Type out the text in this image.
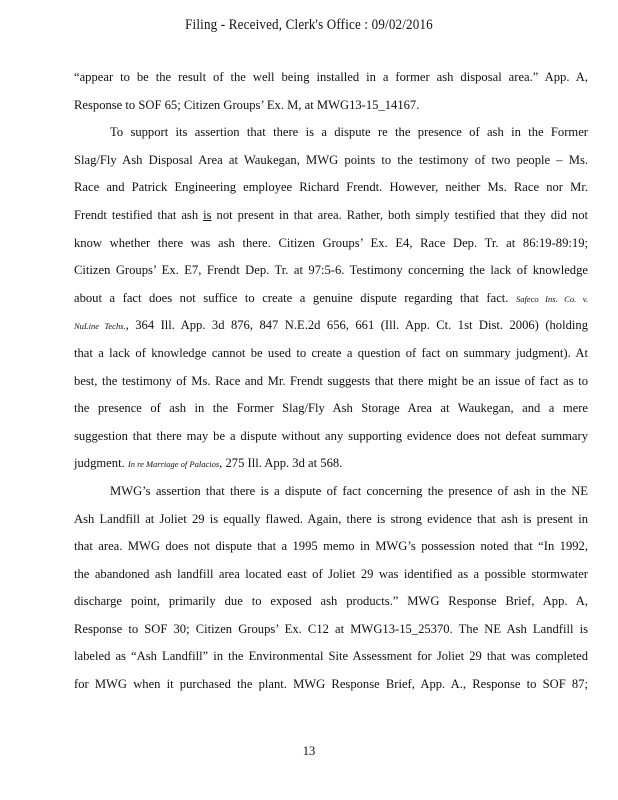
Filing - Received, Clerk's Office : 09/02/2016
“appear to be the result of the well being installed in a former ash disposal area.” App. A,
Response to SOF 65; Citizen Groups’ Ex. M, at MWG13-15_14167.
To support its assertion that there is a dispute re the presence of ash in the Former
Slag/Fly Ash Disposal Area at Waukegan, MWG points to the testimony of two people – Ms.
Race and Patrick Engineering employee Richard Frendt. However, neither Ms. Race nor Mr.
Frendt testified that ash is not present in that area. Rather, both simply testified that they did not
know whether there was ash there. Citizen Groups’ Ex. E4, Race Dep. Tr. at 86:19-89:19;
Citizen Groups’ Ex. E7, Frendt Dep. Tr. at 97:5-6. Testimony concerning the lack of knowledge
about a fact does not suffice to create a genuine dispute regarding that fact. Safeco Ins. Co. v.
NuLine Techs., 364 Ill. App. 3d 876, 847 N.E.2d 656, 661 (Ill. App. Ct. 1st Dist. 2006) (holding
that a lack of knowledge cannot be used to create a question of fact on summary judgment). At
best, the testimony of Ms. Race and Mr. Frendt suggests that there might be an issue of fact as to
the presence of ash in the Former Slag/Fly Ash Storage Area at Waukegan, and a mere
suggestion that there may be a dispute without any supporting evidence does not defeat summary
judgment. In re Marriage of Palacios, 275 Ill. App. 3d at 568.
MWG’s assertion that there is a dispute of fact concerning the presence of ash in the NE
Ash Landfill at Joliet 29 is equally flawed. Again, there is strong evidence that ash is present in
that area. MWG does not dispute that a 1995 memo in MWG’s possession noted that “In 1992,
the abandoned ash landfill area located east of Joliet 29 was identified as a possible stormwater
discharge point, primarily due to exposed ash products.” MWG Response Brief, App. A,
Response to SOF 30; Citizen Groups’ Ex. C12 at MWG13-15_25370. The NE Ash Landfill is
labeled as “Ash Landfill” in the Environmental Site Assessment for Joliet 29 that was completed
for MWG when it purchased the plant. MWG Response Brief, App. A., Response to SOF 87;
13
